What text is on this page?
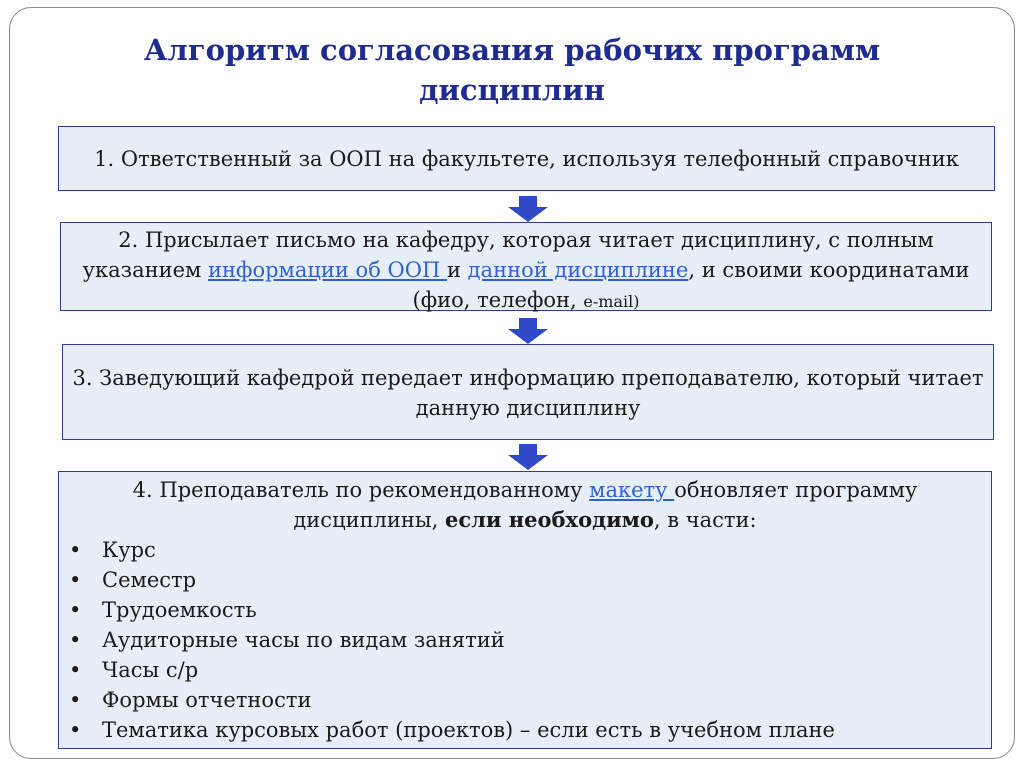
Алгоритм согласования рабочих программ
дисциплин
1. Ответственный за ООП на факультете, используя телефонный справочник
2. Присылает письмо на кафедру, которая читает дисциплину, с полным указанием информации об ООП и данной дисциплине, и своими координатами (фио, телефон, e-mail)
3. Заведующий кафедрой передает информацию преподавателю, который читает данную дисциплину
4. Преподаватель по рекомендованному макету обновляет программу дисциплины, если необходимо, в части:
• Курс
• Семестр
• Трудоемкость
• Аудиторные часы по видам занятий
• Часы с/р
• Формы отчетности
• Тематика курсовых работ (проектов) – если есть в учебном плане
